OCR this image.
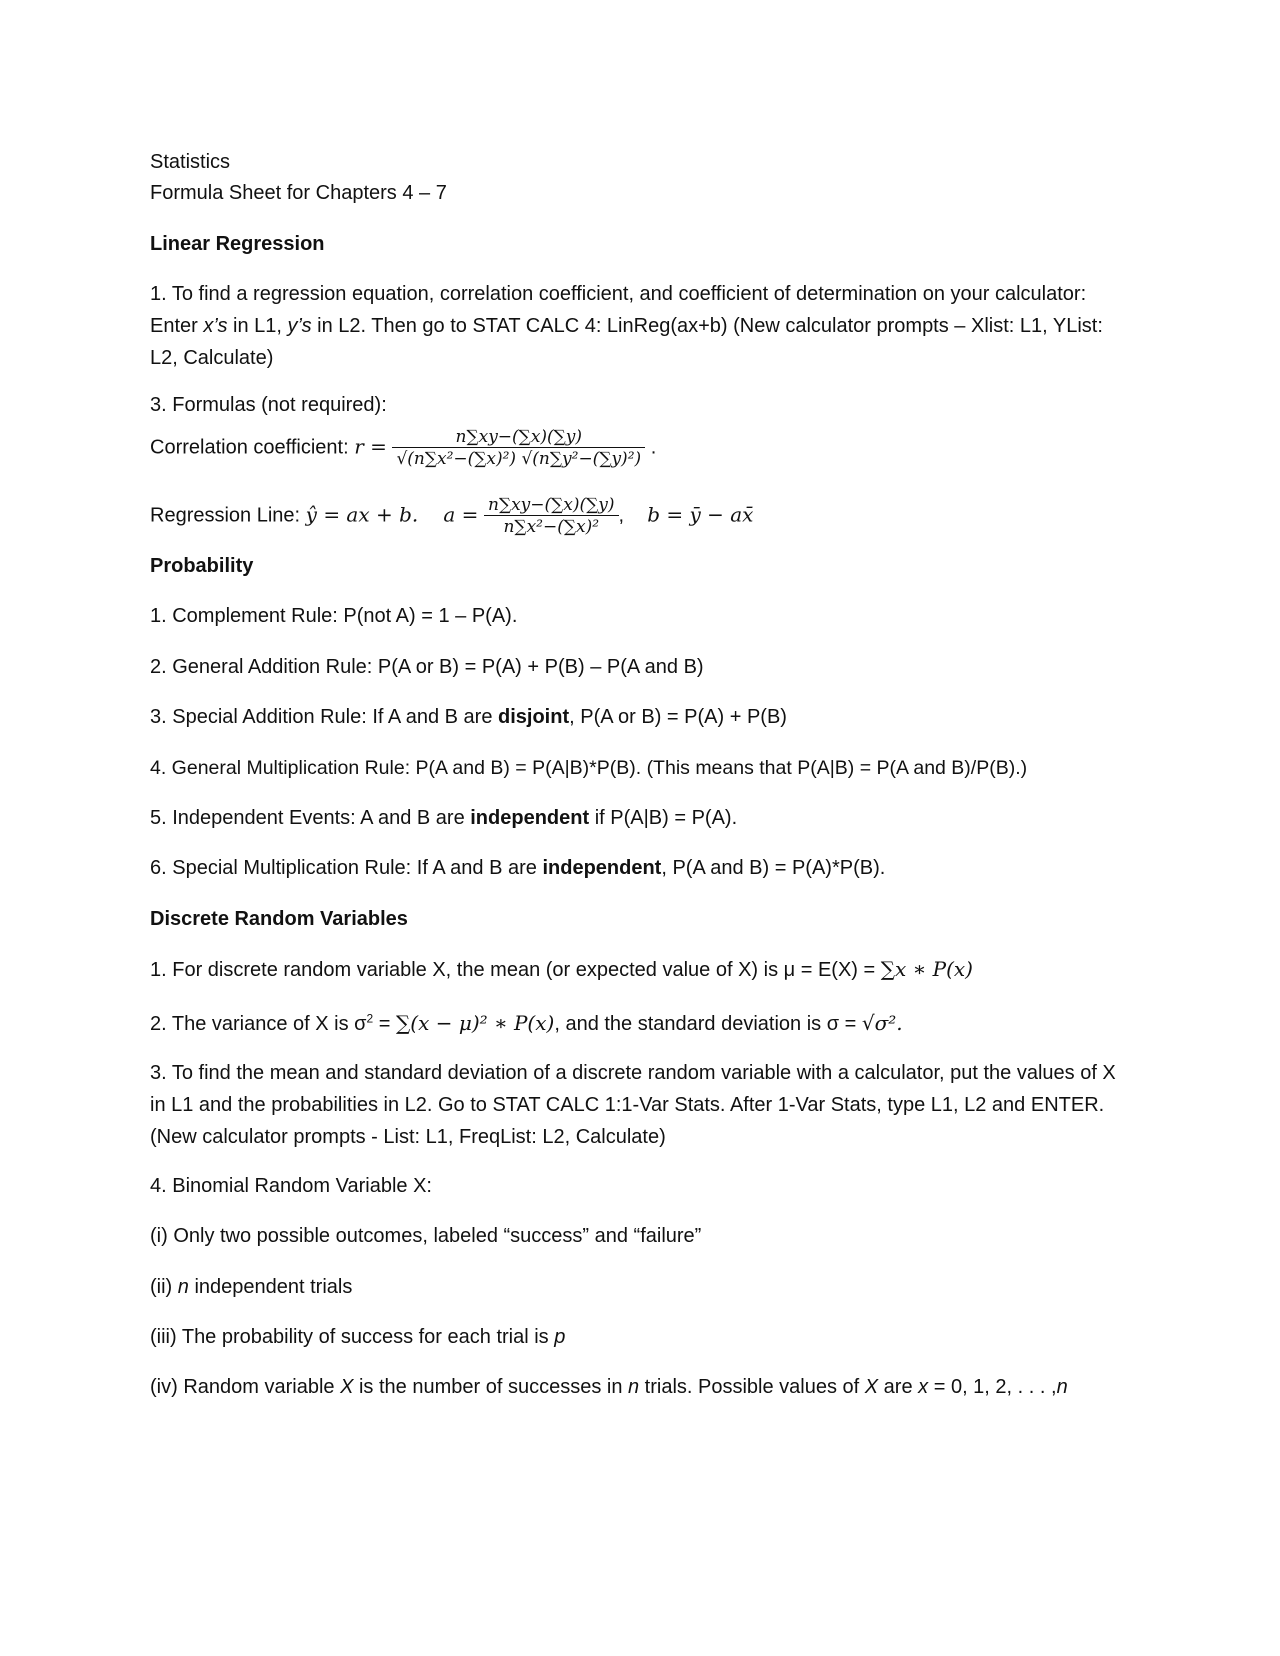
Statistics
Formula Sheet for Chapters 4 – 7
Linear Regression
1. To find a regression equation, correlation coefficient, and coefficient of determination on your calculator: Enter x’s in L1, y’s in L2. Then go to STAT CALC 4: LinReg(ax+b) (New calculator prompts – Xlist: L1, YList: L2, Calculate)
3. Formulas (not required):
Correlation coefficient: $r = \frac{n\sum xy-(\sum x)(\sum y)}{\text{√(n∑x²−(∑x)²) √(n∑y²−(∑y)²)}}$ .
Regression Line: ŷ = ax + b. $a = \frac{n\sum xy-(\sum x)(\sum y)}{\text{n∑x²−(∑x)²}}$ , b = ȳ − ax̄
Probability
1. Complement Rule: P(not A) = 1 – P(A).
2. General Addition Rule: P(A or B) = P(A) + P(B) – P(A and B)
3. Special Addition Rule: If A and B are disjoint, P(A or B) = P(A) + P(B)
4. General Multiplication Rule: P(A and B) = P(A|B)*P(B). (This means that P(A|B) = P(A and B)/P(B).)
5. Independent Events: A and B are independent if P(A|B) = P(A).
6. Special Multiplication Rule: If A and B are independent, P(A and B) = P(A)*P(B).
Discrete Random Variables
1. For discrete random variable X, the mean (or expected value of X) is μ = E(X) = ∑x ∗ P(x)
2. The variance of X is $\sigma^2 = \sum(x - \mu)^2$ ∗ P(x), and the standard deviation is σ = √σ².
3. To find the mean and standard deviation of a discrete random variable with a calculator, put the values of X in L1 and the probabilities in L2. Go to STAT CALC 1:1-Var Stats. After 1-Var Stats, type L1, L2 and ENTER. (New calculator prompts - List: L1, FreqList: L2, Calculate)
4. Binomial Random Variable X:
(i) Only two possible outcomes, labeled “success” and “failure”
(ii) n independent trials
(iii) The probability of success for each trial is p
(iv) Random variable X is the number of successes in n trials. Possible values of X are x = 0, 1, 2, . . . ,n
